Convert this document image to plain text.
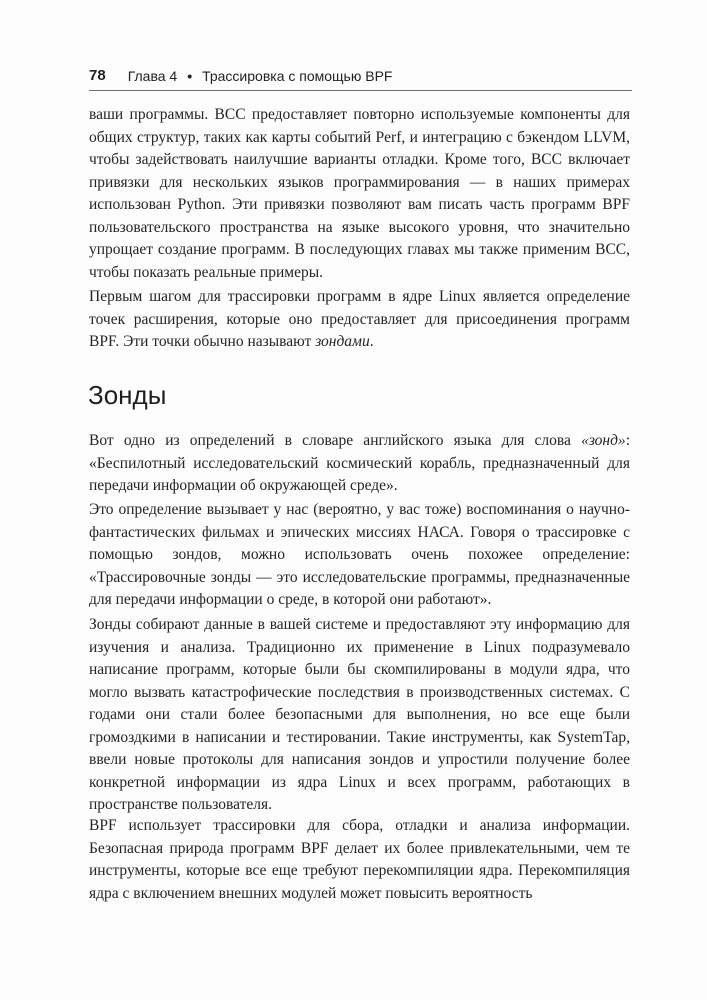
78 Глава 4 • Трассировка с помощью BPF

ваши программы. BCC предоставляет повторно используемые компоненты для общих структур, таких как карты событий Perf, и интеграцию с бэкендом LLVM, чтобы задействовать наилучшие варианты отладки. Кроме того, BCC включает привязки для нескольких языков программирования — в наших примерах использован Python. Эти привязки позволяют вам писать часть программ BPF пользовательского пространства на языке высокого уровня, что значительно упрощает создание программ. В последующих главах мы также применим BCC, чтобы показать реальные примеры.

Первым шагом для трассировки программ в ядре Linux является определение точек расширения, которые оно предоставляет для присоединения программ BPF. Эти точки обычно называют зондами.

Зонды

Вот одно из определений в словаре английского языка для слова «зонд»: «Беспилотный исследовательский космический корабль, предназначенный для передачи информации об окружающей среде».

Это определение вызывает у нас (вероятно, у вас тоже) воспоминания о научно-фантастических фильмах и эпических миссиях НАСА. Говоря о трассировке с помощью зондов, можно использовать очень похожее определение: «Трассировочные зонды — это исследовательские программы, предназначенные для передачи информации о среде, в которой они работают».

Зонды собирают данные в вашей системе и предоставляют эту информацию для изучения и анализа. Традиционно их применение в Linux подразумевало написание программ, которые были бы скомпилированы в модули ядра, что могло вызвать катастрофические последствия в производственных системах. С годами они стали более безопасными для выполнения, но все еще были громоздкими в написании и тестировании. Такие инструменты, как SystemTap, ввели новые протоколы для написания зондов и упростили получение более конкретной информации из ядра Linux и всех программ, работающих в пространстве пользователя.

BPF использует трассировки для сбора, отладки и анализа информации. Безопасная природа программ BPF делает их более привлекательными, чем те инструменты, которые все еще требуют перекомпиляции ядра. Перекомпиляция ядра с включением внешних модулей может повысить вероятность
